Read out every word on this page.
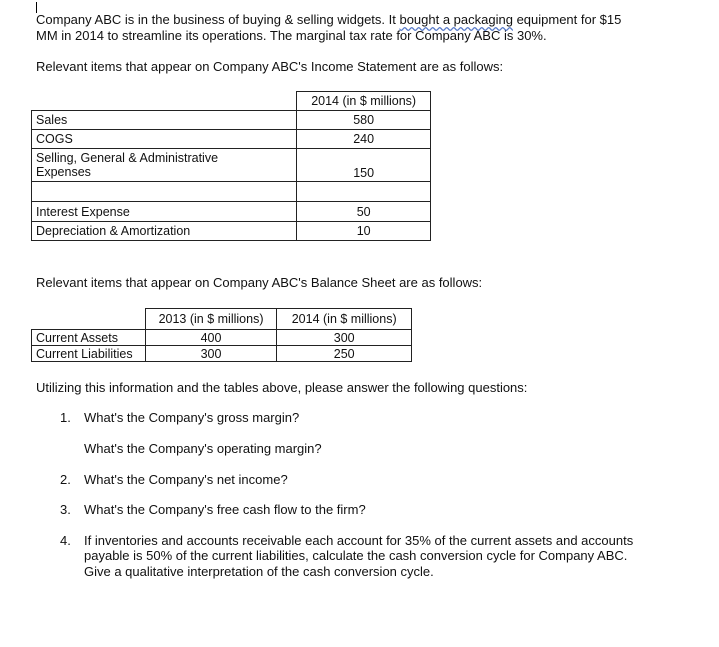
Company ABC is in the business of buying & selling widgets. It bought a packaging equipment for $15
MM in 2014 to streamline its operations. The marginal tax rate for Company ABC is 30%.
Relevant items that appear on Company ABC's Income Statement are as follows:
	2014 (in $ millions)
Sales	580
COGS	240

Selling, General & Administrative
Expenses	150

Interest Expense	50
Depreciation & Amortization	10
Relevant items that appear on Company ABC's Balance Sheet are as follows:
	2013 (in $ millions)	2014 (in $ millions)
Current Assets	400	300
Current Liabilities	300	250
Utilizing this information and the tables above, please answer the following questions:
1. What's the Company's gross margin?
What's the Company's operating margin?
2. What's the Company's net income?
3. What's the Company's free cash flow to the firm?
4. If inventories and accounts receivable each account for 35% of the current assets and accounts
payable is 50% of the current liabilities, calculate the cash conversion cycle for Company ABC.
Give a qualitative interpretation of the cash conversion cycle.
